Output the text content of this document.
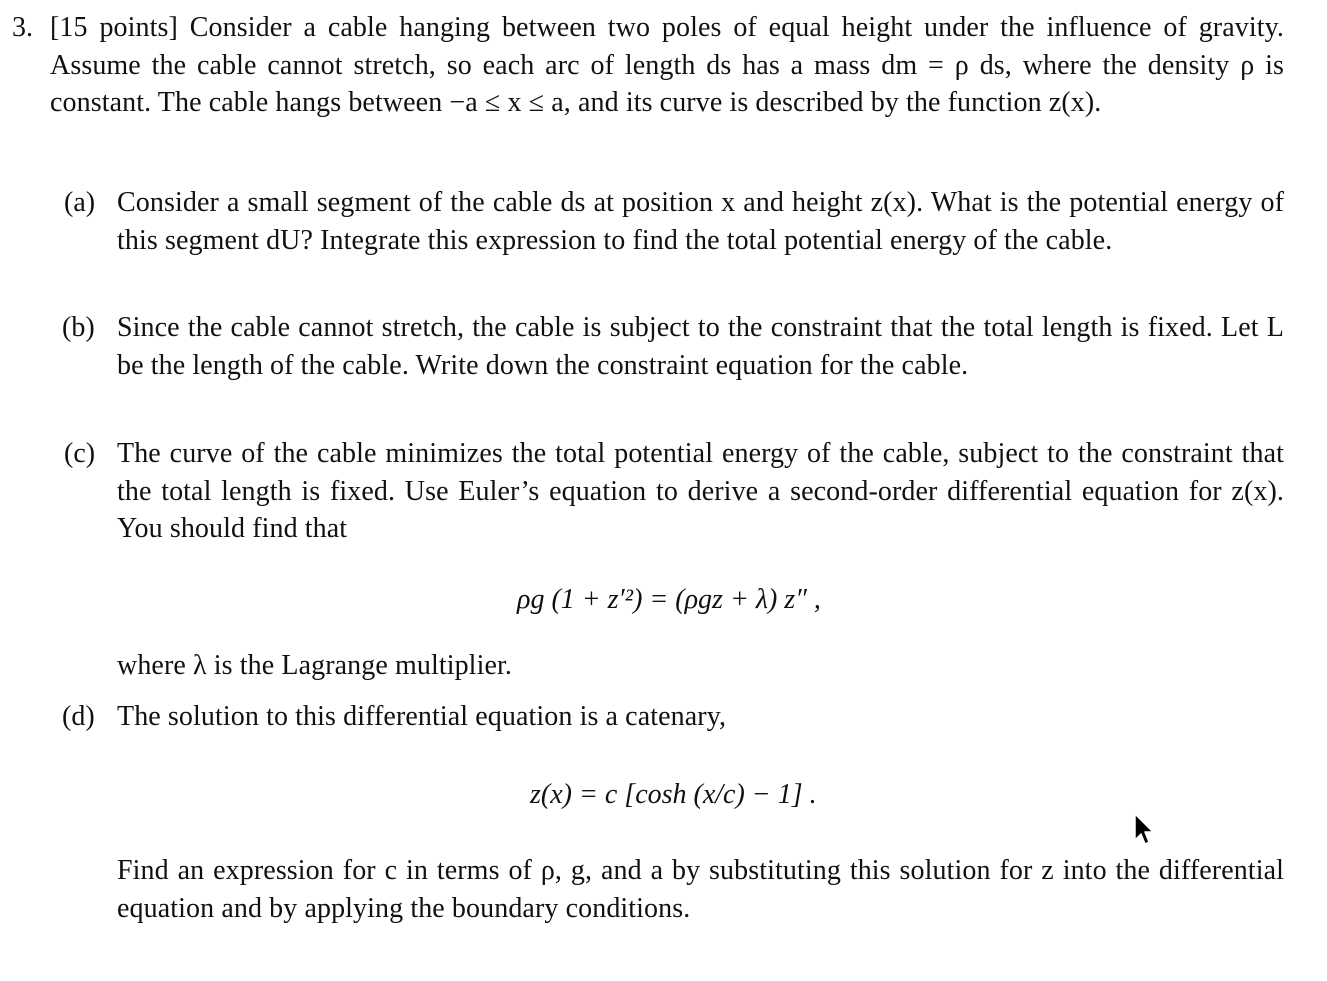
3. [15 points] Consider a cable hanging between two poles of equal height under the influence of gravity. Assume the cable cannot stretch, so each arc of length ds has a mass dm = ρ ds, where the density ρ is constant. The cable hangs between −a ≤ x ≤ a, and its curve is described by the function z(x).

(a) Consider a small segment of the cable ds at position x and height z(x). What is the potential energy of this segment dU? Integrate this expression to find the total potential energy of the cable.

(b) Since the cable cannot stretch, the cable is subject to the constraint that the total length is fixed. Let L be the length of the cable. Write down the constraint equation for the cable.

(c) The curve of the cable minimizes the total potential energy of the cable, subject to the constraint that the total length is fixed. Use Euler’s equation to derive a second-order differential equation for z(x). You should find that

ρg (1 + z′²) = (ρgz + λ) z″ ,

where λ is the Lagrange multiplier.

(d) The solution to this differential equation is a catenary,

z(x) = c [cosh (x/c) − 1] .

Find an expression for c in terms of ρ, g, and a by substituting this solution for z into the differential equation and by applying the boundary conditions.
